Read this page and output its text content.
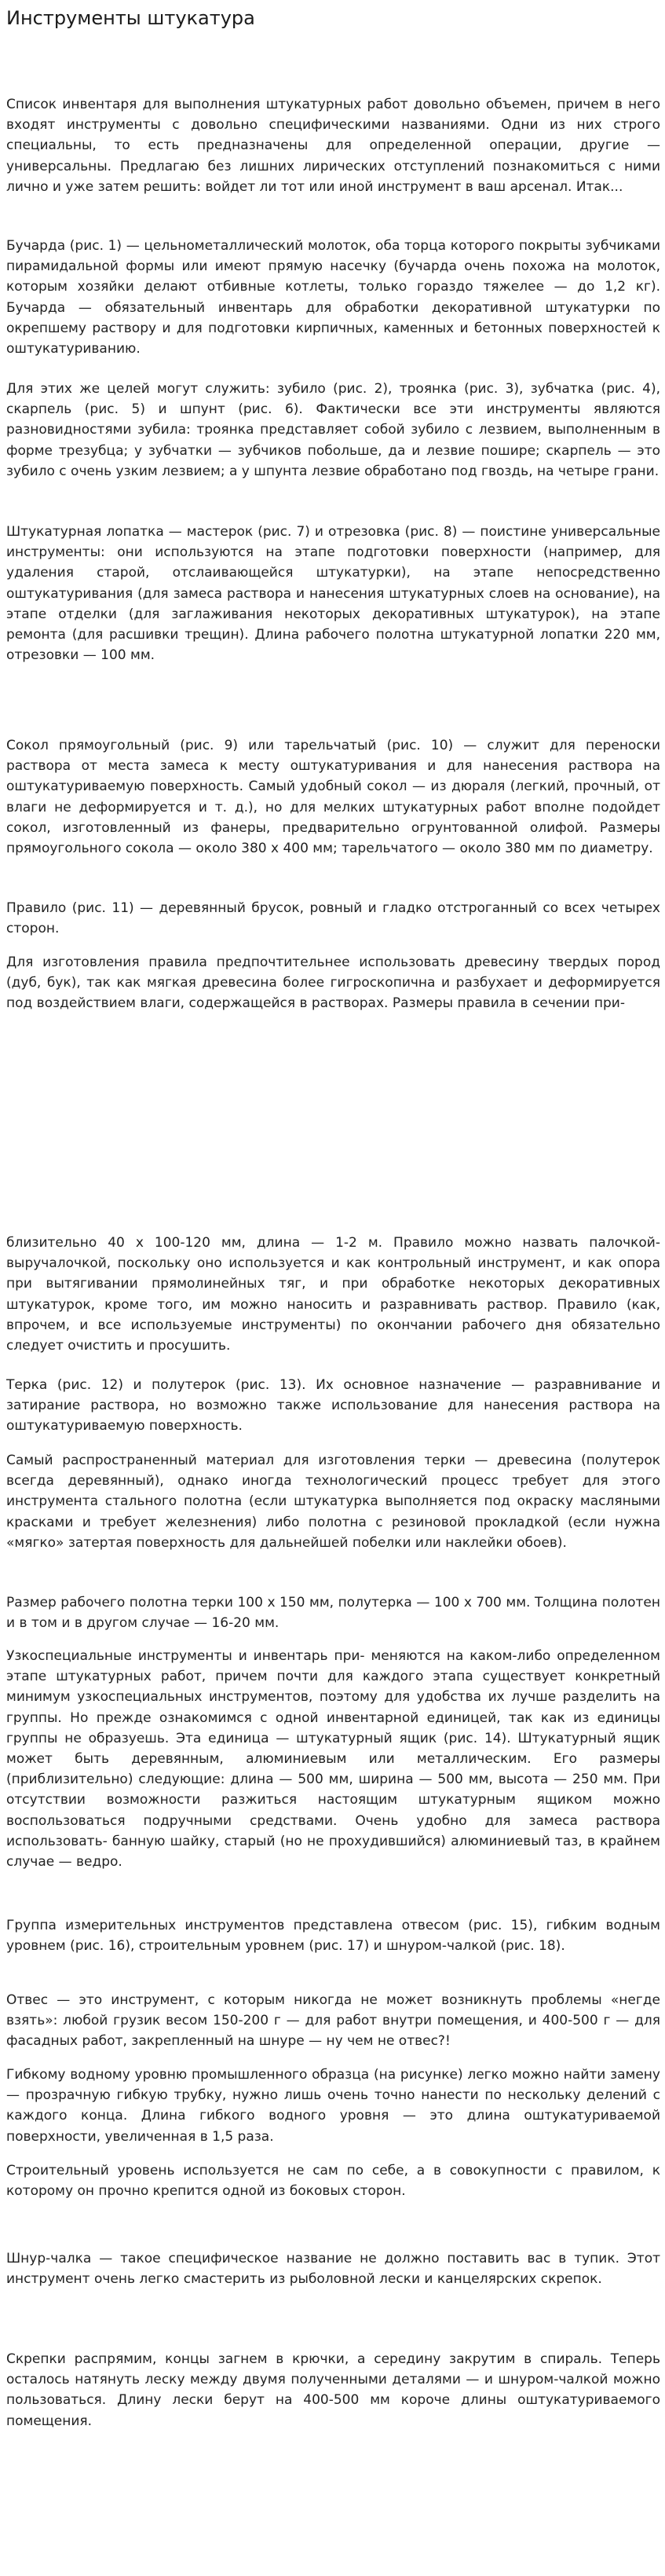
Инструменты штукатура

Список инвентаря для выполнения штукатурных работ довольно объемен, причем в него входят инструменты с довольно специфическими названиями. Одни из них строго специальны, то есть предназначены для определенной операции, другие — универсальны. Предлагаю без лишних лирических отступлений познакомиться с ними лично и уже затем решить: войдет ли тот или иной инструмент в ваш арсенал. Итак...

Бучарда (рис. 1) — цельнометаллический молоток, оба торца которого покрыты зубчиками пирамидальной формы или имеют прямую насечку (бучарда очень похожа на молоток, которым хозяйки делают отбивные котлеты, только гораздо тяжелее — до 1,2 кг). Бучарда — обязательный инвентарь для обработки декоративной штукатурки по окрепшему раствору и для подготовки кирпичных, каменных и бетонных поверхностей к оштукатуриванию.

Для этих же целей могут служить: зубило (рис. 2), троянка (рис. 3), зубчатка (рис. 4), скарпель (рис. 5) и шпунт (рис. 6). Фактически все эти инструменты являются разновидностями зубила: троянка представляет собой зубило с лезвием, выполненным в форме трезубца; у зубчатки — зубчиков побольше, да и лезвие пошире; скарпель — это зубило с очень узким лезвием; а у шпунта лезвие обработано под гвоздь, на четыре грани.

Штукатурная лопатка — мастерок (рис. 7) и отрезовка (рис. 8) — поистине универсальные инструменты: они используются на этапе подготовки поверхности (например, для удаления старой, отслаивающейся штукатурки), на этапе непосредственно оштукатуривания (для замеса раствора и нанесения штукатурных слоев на основание), на этапе отделки (для заглаживания некоторых декоративных штукатурок), на этапе ремонта (для расшивки трещин). Длина рабочего полотна штукатурной лопатки 220 мм, отрезовки — 100 мм.

Сокол прямоугольный (рис. 9) или тарельчатый (рис. 10) — служит для переноски раствора от места замеса к месту оштукатуривания и для нанесения раствора на оштукатуриваемую поверхность. Самый удобный сокол — из дюраля (легкий, прочный, от влаги не деформируется и т. д.), но для мелких штукатурных работ вполне подойдет сокол, изготовленный из фанеры, предварительно огрунтованной олифой. Размеры прямоугольного сокола — около 380 х 400 мм; тарельчатого — около 380 мм по диаметру.

Правило (рис. 11) — деревянный брусок, ровный и гладко отстроганный со всех четырех сторон.

Для изготовления правила предпочтительнее использовать древесину твердых пород (дуб, бук), так как мягкая древесина более гигроскопична и разбухает и деформируется под воздействием влаги, содержащейся в растворах. Размеры правила в сечении при-

близительно 40 х 100-120 мм, длина — 1-2 м. Правило можно назвать палочкой-выручалочкой, поскольку оно используется и как контрольный инструмент, и как опора при вытягивании прямолинейных тяг, и при обработке некоторых декоративных штукатурок, кроме того, им можно наносить и разравнивать раствор. Правило (как, впрочем, и все используемые инструменты) по окончании рабочего дня обязательно следует очистить и просушить.

Терка (рис. 12) и полутерок (рис. 13). Их основное назначение — разравнивание и затирание раствора, но возможно также использование для нанесения раствора на оштукатуриваемую поверхность.

Самый распространенный материал для изготовления терки — древесина (полутерок всегда деревянный), однако иногда технологический процесс требует для этого инструмента стального полотна (если штукатурка выполняется под окраску масляными красками и требует железнения) либо полотна с резиновой прокладкой (если нужна «мягко» затертая поверхность для дальнейшей побелки или наклейки обоев).

Размер рабочего полотна терки 100 х 150 мм, полутерка — 100 х 700 мм. Толщина полотен и в том и в другом случае — 16-20 мм.

Узкоспециальные инструменты и инвентарь при- меняются на каком-либо определенном этапе штукатурных работ, причем почти для каждого этапа существует конкретный минимум узкоспециальных инструментов, поэтому для удобства их лучше разделить на группы. Но прежде ознакомимся с одной инвентарной единицей, так как из единицы группы не образуешь. Эта единица — штукатурный ящик (рис. 14). Штукатурный ящик может быть деревянным, алюминиевым или металлическим. Его размеры (приблизительно) следующие: длина — 500 мм, ширина — 500 мм, высота — 250 мм. При отсутствии возможности разжиться настоящим штукатурным ящиком можно воспользоваться подручными средствами. Очень удобно для замеса раствора использовать- банную шайку, старый (но не прохудившийся) алюминиевый таз, в крайнем случае — ведро.

Группа измерительных инструментов представлена отвесом (рис. 15), гибким водным уровнем (рис. 16), строительным уровнем (рис. 17) и шнуром-чалкой (рис. 18).

Отвес — это инструмент, с которым никогда не может возникнуть проблемы «негде взять»: любой грузик весом 150-200 г — для работ внутри помещения, и 400-500 г — для фасадных работ, закрепленный на шнуре — ну чем не отвес?!

Гибкому водному уровню промышленного образца (на рисунке) легко можно найти замену — прозрачную гибкую трубку, нужно лишь очень точно нанести по нескольку делений с каждого конца. Длина гибкого водного уровня — это длина оштукатуриваемой поверхности, увеличенная в 1,5 раза.

Строительный уровень используется не сам по себе, а в совокупности с правилом, к которому он прочно крепится одной из боковых сторон.

Шнур-чалка — такое специфическое название не должно поставить вас в тупик. Этот инструмент очень легко смастерить из рыболовной лески и канцелярских скрепок.

Скрепки распрямим, концы загнем в крючки, а середину закрутим в спираль. Теперь осталось натянуть леску между двумя полученными деталями — и шнуром-чалкой можно пользоваться. Длину лески берут на 400-500 мм короче длины оштукатуриваемого помещения.
